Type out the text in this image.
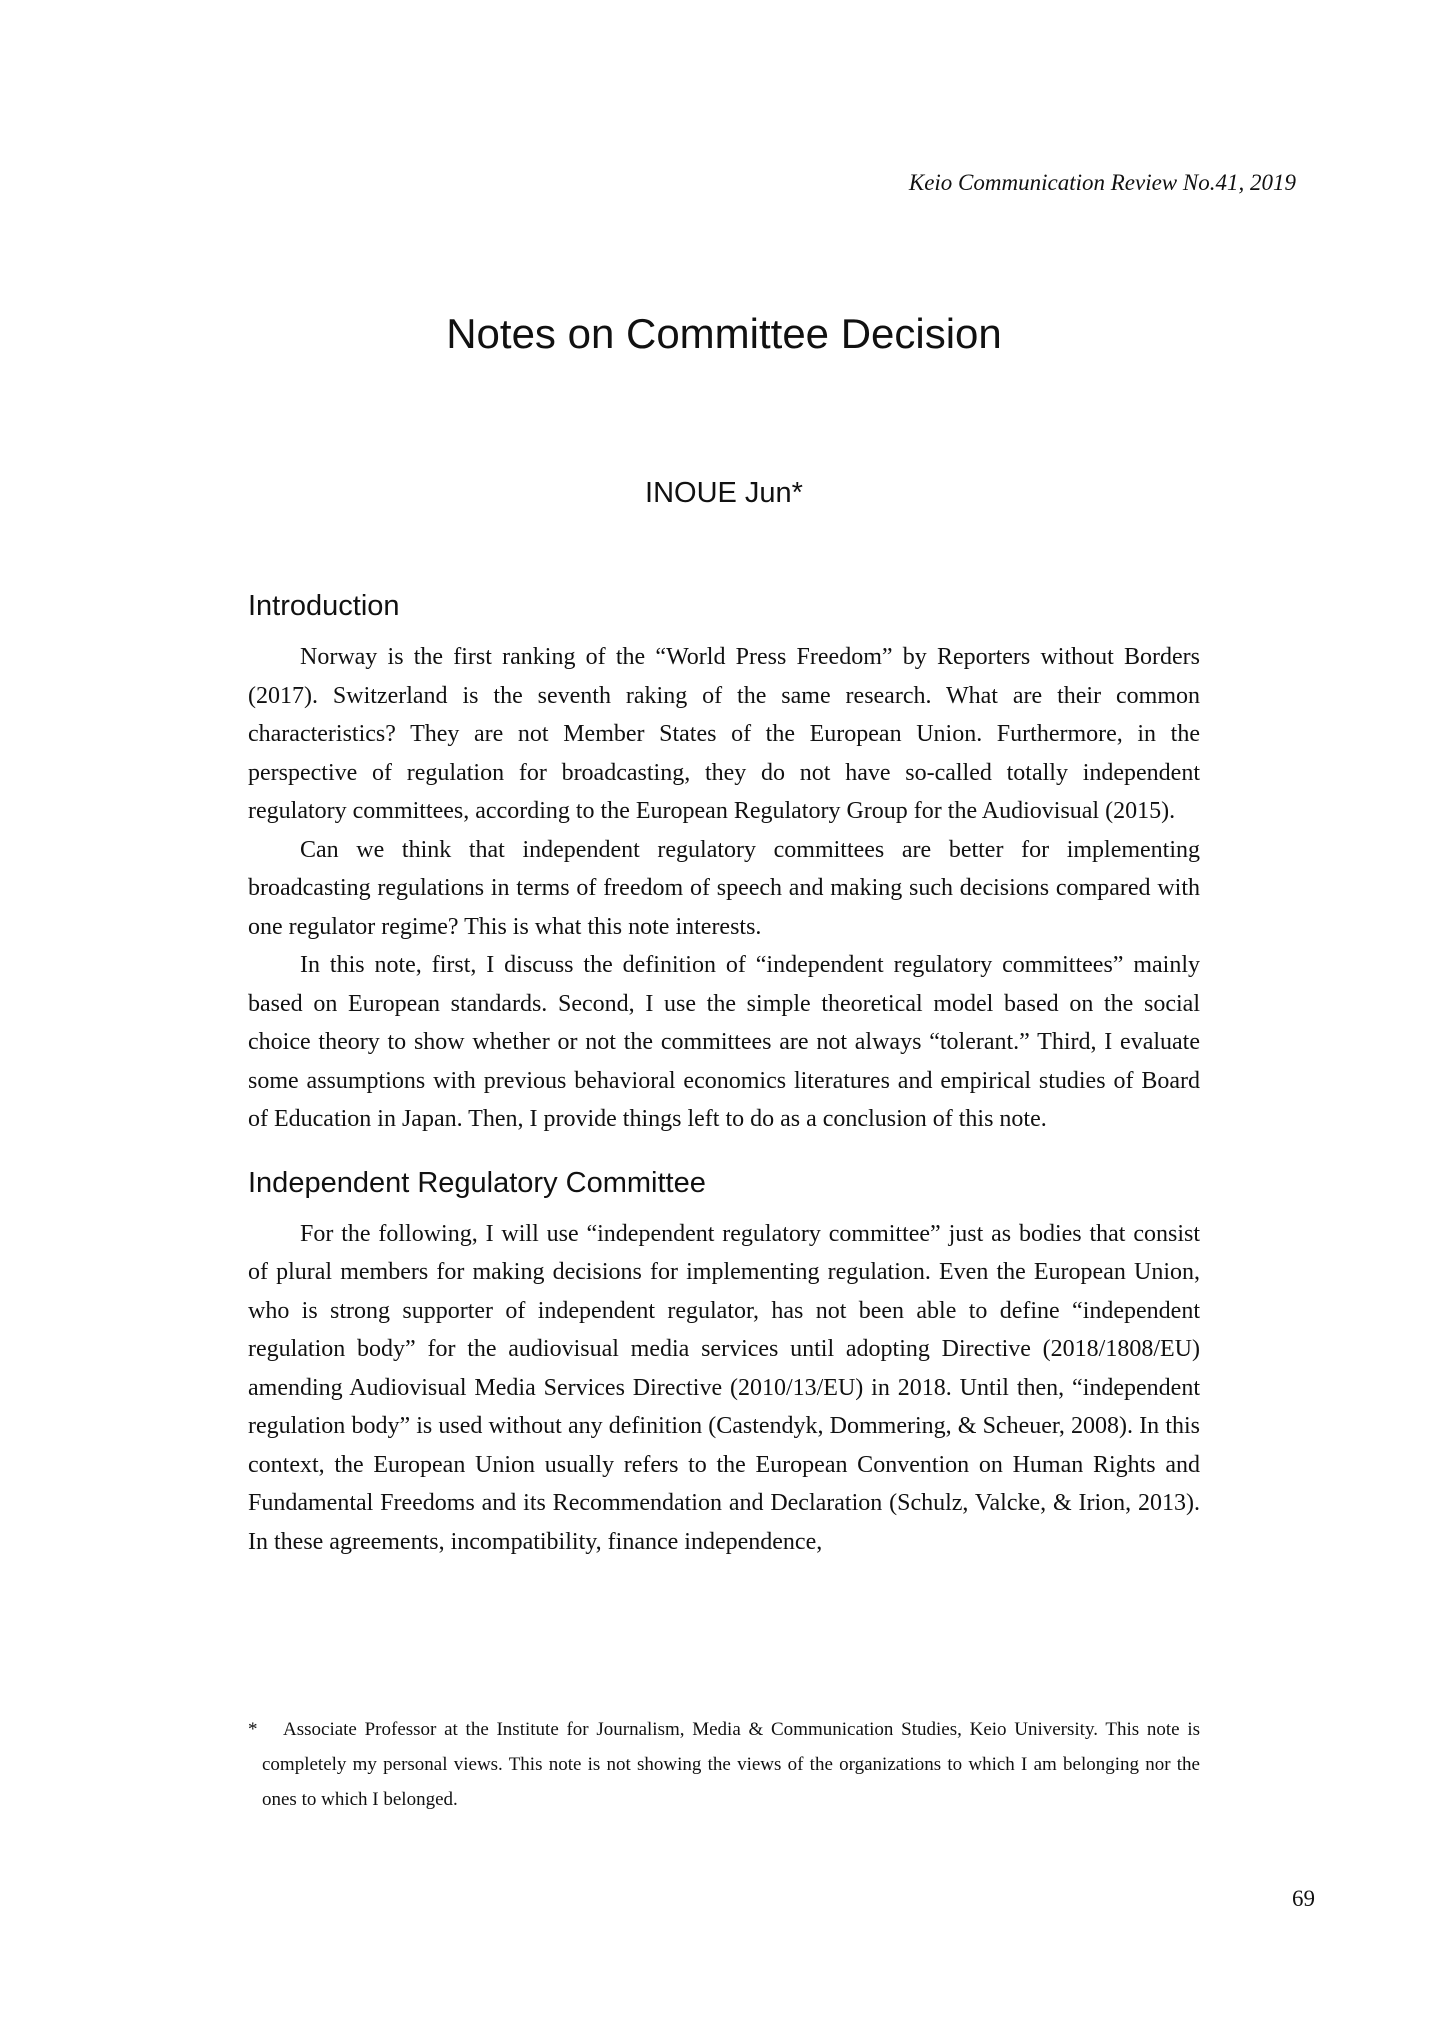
Keio Communication Review No.41, 2019
Notes on Committee Decision
INOUE Jun*
Introduction

Norway is the first ranking of the “World Press Freedom” by Reporters without Borders (2017). Switzerland is the seventh raking of the same research. What are their common characteristics? They are not Member States of the European Union. Furthermore, in the perspective of regulation for broadcasting, they do not have so-called totally independent regulatory committees, according to the European Regulatory Group for the Audiovisual (2015).

Can we think that independent regulatory committees are better for implementing broadcasting regulations in terms of freedom of speech and making such decisions compared with one regulator regime? This is what this note interests.

In this note, first, I discuss the definition of “independent regulatory committees” mainly based on European standards. Second, I use the simple theoretical model based on the social choice theory to show whether or not the committees are not always “tolerant.” Third, I evaluate some assumptions with previous behavioral economics literatures and empirical studies of Board of Education in Japan. Then, I provide things left to do as a conclusion of this note.

Independent Regulatory Committee

For the following, I will use “independent regulatory committee” just as bodies that consist of plural members for making decisions for implementing regulation. Even the European Union, who is strong supporter of independent regulator, has not been able to define “independent regulation body” for the audiovisual media services until adopting Directive (2018/1808/EU) amending Audiovisual Media Services Directive (2010/13/EU) in 2018. Until then, “independent regulation body” is used without any definition (Castendyk, Dommering, & Scheuer, 2008). In this context, the European Union usually refers to the European Convention on Human Rights and Fundamental Freedoms and its Recommendation and Declaration (Schulz, Valcke, & Irion, 2013). In these agreements, incompatibility, finance independence,

* Associate Professor at the Institute for Journalism, Media & Communication Studies, Keio University. This note is completely my personal views. This note is not showing the views of the organizations to which I am belonging nor the ones to which I belonged.
69
